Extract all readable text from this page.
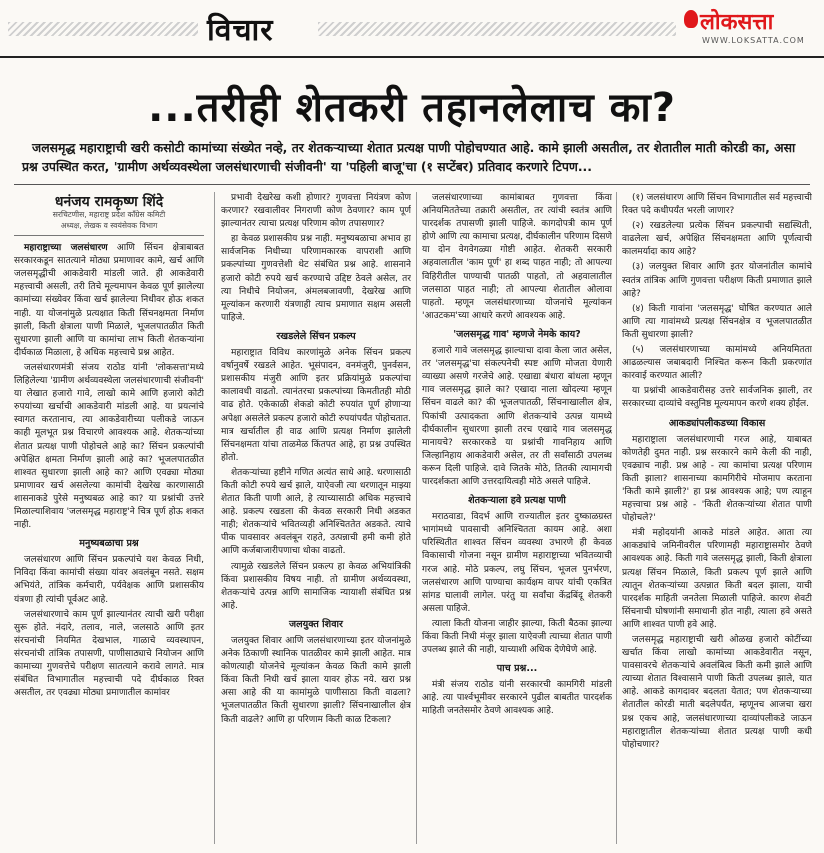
विचार	लोकसत्ता
WWW.LOKSATTA.COM
...तरीही शेतकरी तहानलेलाच का?

जलसमृद्ध महाराष्ट्राची खरी कसोटी कामांच्या संख्येत नव्हे, तर शेतकऱ्याच्या शेतात प्रत्यक्ष पाणी पोहोचण्यात आहे. कामे झाली असतील, तर शेतातील माती कोरडी का, असा प्रश्न उपस्थित करत, 'ग्रामीण अर्थव्यवस्थेला जलसंधारणाची संजीवनी' या 'पहिली बाजू'चा (१ सप्टेंबर) प्रतिवाद करणारे टिपण...

धनंजय रामकृष्ण शिंदे
सरचिटणीस, महाराष्ट्र प्रदेश काँग्रेस कमिटी
अध्यक्ष, लेखक व स्वयंसेवक विभाग

महाराष्ट्राच्या जलसंधारण आणि सिंचन क्षेत्राबाबत सरकारकडून सातत्याने मोठ्या प्रमाणावर कामे, खर्च आणि जलसमृद्धीची आकडेवारी मांडली जाते. ही आकडेवारी महत्त्वाची असली, तरी तिचे मूल्यमापन केवळ पूर्ण झालेल्या कामांच्या संख्येवर किंवा खर्च झालेल्या निधीवर होऊ शकत नाही. या योजनांमुळे प्रत्यक्षात किती सिंचनक्षमता निर्माण झाली, किती क्षेत्राला पाणी मिळाले, भूजलपातळीत किती सुधारणा झाली आणि या कामांचा लाभ किती शेतकऱ्यांना दीर्घकाळ मिळाला, हे अधिक महत्त्वाचे प्रश्न आहेत.

जलसंधारणमंत्री संजय राठोड यांनी 'लोकसत्ता'मध्ये लिहिलेल्या 'ग्रामीण अर्थव्यवस्थेला जलसंधारणाची संजीवनी' या लेखात हजारो गावे, लाखो कामे आणि हजारो कोटी रुपयांच्या खर्चाची आकडेवारी मांडली आहे. या प्रयत्नांचे स्वागत करतानाच, त्या आकडेवारीच्या पलीकडे जाऊन काही मूलभूत प्रश्न विचारणे आवश्यक आहे. शेतकऱ्यांच्या शेतात प्रत्यक्ष पाणी पोहोचले आहे का? सिंचन प्रकल्पांची अपेक्षित क्षमता निर्माण झाली आहे का? भूजलपातळीत शाश्वत सुधारणा झाली आहे का? आणि एवढ्या मोठ्या प्रमाणावर खर्च असलेल्या कामांची देखरेख कारणासाठी शासनाकडे पुरेसे मनुष्यबळ आहे का? या प्रश्नांची उत्तरे मिळाल्याशिवाय 'जलसमृद्ध महाराष्ट्र'ने चित्र पूर्ण होऊ शकत नाही.

मनुष्यबळाचा प्रश्न

जलसंधारण आणि सिंचन प्रकल्पांचे यश केवळ निधी, निविदा किंवा कामांची संख्या यांवर अवलंबून नसते. सक्षम अभियंते, तांत्रिक कर्मचारी, पर्यवेक्षक आणि प्रशासकीय यंत्रणा ही त्यांची पूर्वअट आहे.

जलसंधारणाचे काम पूर्ण झाल्यानंतर त्याची खरी परीक्षा सुरू होते. नंदारे, तलाव, नाले, जलसाठे आणि इतर संरचनांची नियमित देखभाल, गाळाचे व्यवस्थापन, संरचनांची तांत्रिक तपासणी, पाणीसाठ्याचे नियोजन आणि कामाच्या गुणवत्तेचे परीक्षण सातत्याने करावे लागते. मात्र संबंधित विभागातील महत्त्वाची पदे दीर्घकाळ रिक्त असतील, तर एवढ्या मोठ्या प्रमाणातील कामांवर

प्रभावी देखरेख कशी होणार? गुणवत्ता नियंत्रण कोण करणार? रखवालीवर निगराणी कोण ठेवणार? काम पूर्ण झाल्यानंतर त्याचा प्रत्यक्ष परिणाम कोण तपासणार?

हा केवळ प्रशासकीय प्रश्न नाही. मनुष्यबळाचा अभाव हा सार्वजनिक निधीच्या परिणामकारक वापराशी आणि प्रकल्पांच्या गुणवत्तेशी थेट संबंधित प्रश्न आहे. शासनाने हजारो कोटी रुपये खर्च करण्याचे उद्दिष्ट ठेवले असेल, तर त्या निधीचे नियोजन, अंमलबजावणी, देखरेख आणि मूल्यांकन करणारी यंत्रणाही त्याच प्रमाणात सक्षम असली पाहिजे.

रखडलेले सिंचन प्रकल्प

महाराष्ट्रात विविध कारणांमुळे अनेक सिंचन प्रकल्प वर्षानुवर्षे रखडले आहेत. भूसंपादन, वनमंजुरी, पुनर्वसन, प्रशासकीय मंजुरी आणि इतर प्रक्रियांमुळे प्रकल्पांचा कालावधी वाढतो. त्यानंतरचा प्रकल्पांच्या किमतीतही मोठी वाढ होते. एकेकाळी शेकडो कोटी रुपयांत पूर्ण होणाऱ्या अपेक्षा असलेले प्रकल्प हजारो कोटी रुपयांपर्यंत पोहोचतात. मात्र खर्चातील ही वाढ आणि प्रत्यक्ष निर्माण झालेली सिंचनक्षमता यांचा ताळमेळ किंतपत आहे, हा प्रश्न उपस्थित होतो.

शेतकऱ्यांच्या हष्टीने गणित अत्यंत साधे आहे. धरणासाठी किती कोटी रुपये खर्च झाले, याऐवजी त्या धरणातून माझ्या शेतात किती पाणी आले, हे त्याच्यासाठी अधिक महत्त्वाचे आहे. प्रकल्प रखडला की केवळ सरकारी निधी अडकत नाही; शेतकऱ्यांचे भवितव्यही अनिश्चिततेत अडकते. त्याचे पीक पावसावर अवलंबून राहते, उत्पन्नाची हमी कमी होते आणि कर्जबाजारीपणाचा धोका वाढतो.

त्यामुळे रखडलेले सिंचन प्रकल्प हा केवळ अभियांत्रिकी किंवा प्रशासकीय विषय नाही. तो ग्रामीण अर्थव्यवस्था, शेतकऱ्यांचे उत्पन्न आणि सामाजिक न्यायाशी संबंधित प्रश्न आहे.

जलयुक्त शिवार

जलयुक्त शिवार आणि जलसंधारणाच्या इतर योजनांमुळे अनेक ठिकाणी स्थानिक पातळीवर कामे झाली आहेत. मात्र कोणत्याही योजनेचे मूल्यांकन केवळ किती कामे झाली किंवा किती निधी खर्च झाला यावर होऊ नये. खरा प्रश्न असा आहे की या कामांमुळे पाणीसाठा किती वाढला? भूजलपातळीत किती सुधारणा झाली? सिंचनाखालील क्षेत्र किती वाढले? आणि हा परिणाम किती काळ टिकला?

जलसंधारणाच्या कामांबाबत गुणवत्ता किंवा अनियमिततेच्या तक्रारी असतील, तर त्यांची स्वतंत्र आणि पारदर्शक तपासणी झाली पाहिजे. कागदोपत्री काम पूर्ण होणे आणि त्या कामाचा प्रत्यक्ष, दीर्घकालीन परिणाम दिसणे या दोन वेगवेगळ्या गोष्टी आहेत. शेतकरी सरकारी अहवालातील 'काम पूर्ण' हा शब्द पाहत नाही; तो आपल्या विहिरीतील पाण्याची पातळी पाहतो, तो अहवालातील जलसाठा पाहत नाही; तो आपल्या शेतातील ओलावा पाहतो. म्हणून जलसंधारणाच्या योजनांचे मूल्यांकन 'आउटकम'च्या आधारे करणे आवश्यक आहे.

'जलसमृद्ध गाव' म्हणजे नेमके काय?

हजारो गावे जलसमृद्ध झाल्याचा दावा केला जात असेल, तर 'जलसमृद्ध'चा संकल्पनेची स्पष्ट आणि मोजता येणारी व्याख्या असणे गरजेचे आहे. एखाद्या बंधारा बांधला म्हणून गाव जलसमृद्ध झाले का? एखादा नाला खोदल्या म्हणून सिंचन वाढले का? की भूजलपातळी, सिंचनाखालील क्षेत्र, पिकांची उत्पादकता आणि शेतकऱ्यांचे उत्पन्न यामध्ये दीर्घकालीन सुधारणा झाली तरच एखादे गाव जलसमृद्ध मानायचे? सरकारकडे या प्रश्नांची गावनिहाय आणि जिल्हानिहाय आकडेवारी असेल, तर ती सर्वांसाठी उपलब्ध करून दिली पाहिजे. दावे जितके मोठे, तितकी त्यामागची पारदर्शकता आणि उत्तरदायित्वही मोठे असले पाहिजे.

शेतकऱ्याला हवे प्रत्यक्ष पाणी

मराठवाडा, विदर्भ आणि राज्यातील इतर दुष्काळग्रस्त भागांमध्ये पावसाची अनिश्चितता कायम आहे. अशा परिस्थितीत शाश्वत सिंचन व्यवस्था उभारणे ही केवळ विकासाची गोजना नसून ग्रामीण महाराष्ट्राच्या भवितव्याची गरज आहे. मोठे प्रकल्प, लघु सिंचन, भूजल पुनर्भरण, जलसंधारण आणि पाण्याचा कार्यक्षम वापर यांची एकत्रित सांगड घालावी लागेल. परंतु या सर्वांचा केंद्रबिंदू शेतकरी असला पाहिजे.

त्याला किती योजना जाहीर झाल्या, किती बैठका झाल्या किंवा किती निधी मंजूर झाला याऐवजी त्याच्या शेतात पाणी उपलब्ध झाले की नाही, याच्याशी अधिक देणेघेणे आहे.

पाच प्रश्न...

मंत्री संजय राठोड यांनी सरकारची कामगिरी मांडली आहे. त्या पार्श्वभूमीवर सरकारने पुढील बाबतीत पारदर्शक माहिती जनतेसमोर ठेवणे आवश्यक आहे.

(१) जलसंधारण आणि सिंचन विभागातील सर्व महत्त्वाची रिक्त पदे कधीपर्यंत भरली जाणार?

(२) रखडलेल्या प्रत्येक सिंचन प्रकल्पाची सद्यस्थिती, वाढलेला खर्च, अपेक्षित सिंचनक्षमता आणि पूर्णत्वाची कालमर्यादा काय आहे?

(३) जलयुक्त शिवार आणि इतर योजनांतील कामांचे स्वतंत्र तांत्रिक आणि गुणवत्ता परीक्षण किती प्रमाणात झाले आहे?

(४) किती गावांना 'जलसमृद्ध' घोषित करण्यात आले आणि त्या गावांमध्ये प्रत्यक्ष सिंचनक्षेत्र व भूजलपातळीत किती सुधारणा झाली?

(५) जलसंधारणाच्या कामांमध्ये अनियमितता आढळल्यास जबाबदारी निश्चित करून किती प्रकरणांत कारवाई करण्यात आली?

या प्रश्नांची आकडेवारीसह उत्तरे सार्वजनिक झाली, तर सरकारच्या दाव्यांचे वस्तुनिष्ठ मूल्यमापन करणे शक्य होईल.

आकड्यांपलीकडच्या विकास

महाराष्ट्राला जलसंधारणाची गरज आहे, याबाबत कोणतेही दुमत नाही. प्रश्न सरकारने कामे केली की नाही, एवढ्याच नाही. प्रश्न आहे - त्या कामांचा प्रत्यक्ष परिणाम किती झाला? शासनाच्या कामगिरीचे मोजमाप करताना 'किती कामे झाली?' हा प्रश्न आवश्यक आहे; पण त्याहून महत्त्वाचा प्रश्न आहे - 'किती शेतकऱ्यांच्या शेतात पाणी पोहोचले?'

मंत्री महोदयांनी आकडे मांडले आहेत. आता त्या आकड्यांचे जमिनीवरील परिणामही महाराष्ट्रासमोर ठेवणे आवश्यक आहे. किती गावे जलसमृद्ध झाली, किती क्षेत्राला प्रत्यक्ष सिंचन मिळाले, किती प्रकल्प पूर्ण झाले आणि त्यातून शेतकऱ्यांच्या उत्पन्नात किती बदल झाला, याची पारदर्शक माहिती जनतेला मिळाली पाहिजे. कारण शेवटी सिंचनाची घोषणांनी समाधानी होत नाही, त्याला हवे असते आणि शाश्वत पाणी हवे आहे.

जलसमृद्ध महाराष्ट्राची खरी ओळख हजारो कोटींच्या खर्चात किंवा लाखो कामांच्या आकडेवारीत नसून, पावसावरचे शेतकऱ्यांचे अवलंबित्व किती कमी झाले आणि त्याच्या शेतात विश्वासाने पाणी किती उपलब्ध झाले, यात आहे. आकडे कागदावर बदलता येतात; पण शेतकऱ्याच्या शेतातील कोरडी माती बदलेपर्यंत, म्हणूनच आजचा खरा प्रश्न एकच आहे, जलसंधारणाच्या दाव्यांपलीकडे जाऊन महाराष्ट्रातील शेतकऱ्यांच्या शेतात प्रत्यक्ष पाणी कधी पोहोचणार?
